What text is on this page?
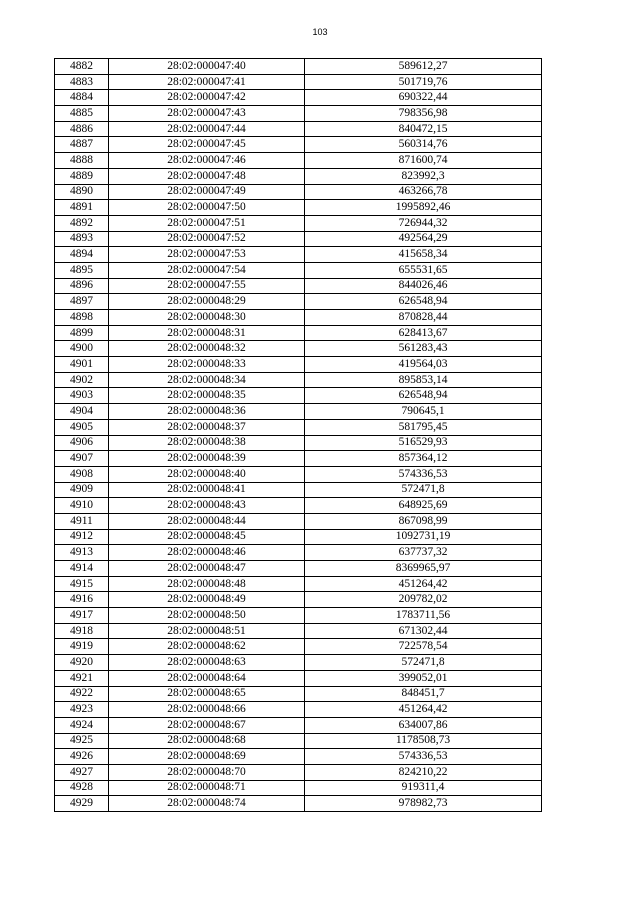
103
4882	28:02:000047:40	589612,27
4883	28:02:000047:41	501719,76
4884	28:02:000047:42	690322,44
4885	28:02:000047:43	798356,98
4886	28:02:000047:44	840472,15
4887	28:02:000047:45	560314,76
4888	28:02:000047:46	871600,74
4889	28:02:000047:48	823992,3
4890	28:02:000047:49	463266,78
4891	28:02:000047:50	1995892,46
4892	28:02:000047:51	726944,32
4893	28:02:000047:52	492564,29
4894	28:02:000047:53	415658,34
4895	28:02:000047:54	655531,65
4896	28:02:000047:55	844026,46
4897	28:02:000048:29	626548,94
4898	28:02:000048:30	870828,44
4899	28:02:000048:31	628413,67
4900	28:02:000048:32	561283,43
4901	28:02:000048:33	419564,03
4902	28:02:000048:34	895853,14
4903	28:02:000048:35	626548,94
4904	28:02:000048:36	790645,1
4905	28:02:000048:37	581795,45
4906	28:02:000048:38	516529,93
4907	28:02:000048:39	857364,12
4908	28:02:000048:40	574336,53
4909	28:02:000048:41	572471,8
4910	28:02:000048:43	648925,69
4911	28:02:000048:44	867098,99
4912	28:02:000048:45	1092731,19
4913	28:02:000048:46	637737,32
4914	28:02:000048:47	8369965,97
4915	28:02:000048:48	451264,42
4916	28:02:000048:49	209782,02
4917	28:02:000048:50	1783711,56
4918	28:02:000048:51	671302,44
4919	28:02:000048:62	722578,54
4920	28:02:000048:63	572471,8
4921	28:02:000048:64	399052,01
4922	28:02:000048:65	848451,7
4923	28:02:000048:66	451264,42
4924	28:02:000048:67	634007,86
4925	28:02:000048:68	1178508,73
4926	28:02:000048:69	574336,53
4927	28:02:000048:70	824210,22
4928	28:02:000048:71	919311,4
4929	28:02:000048:74	978982,73
